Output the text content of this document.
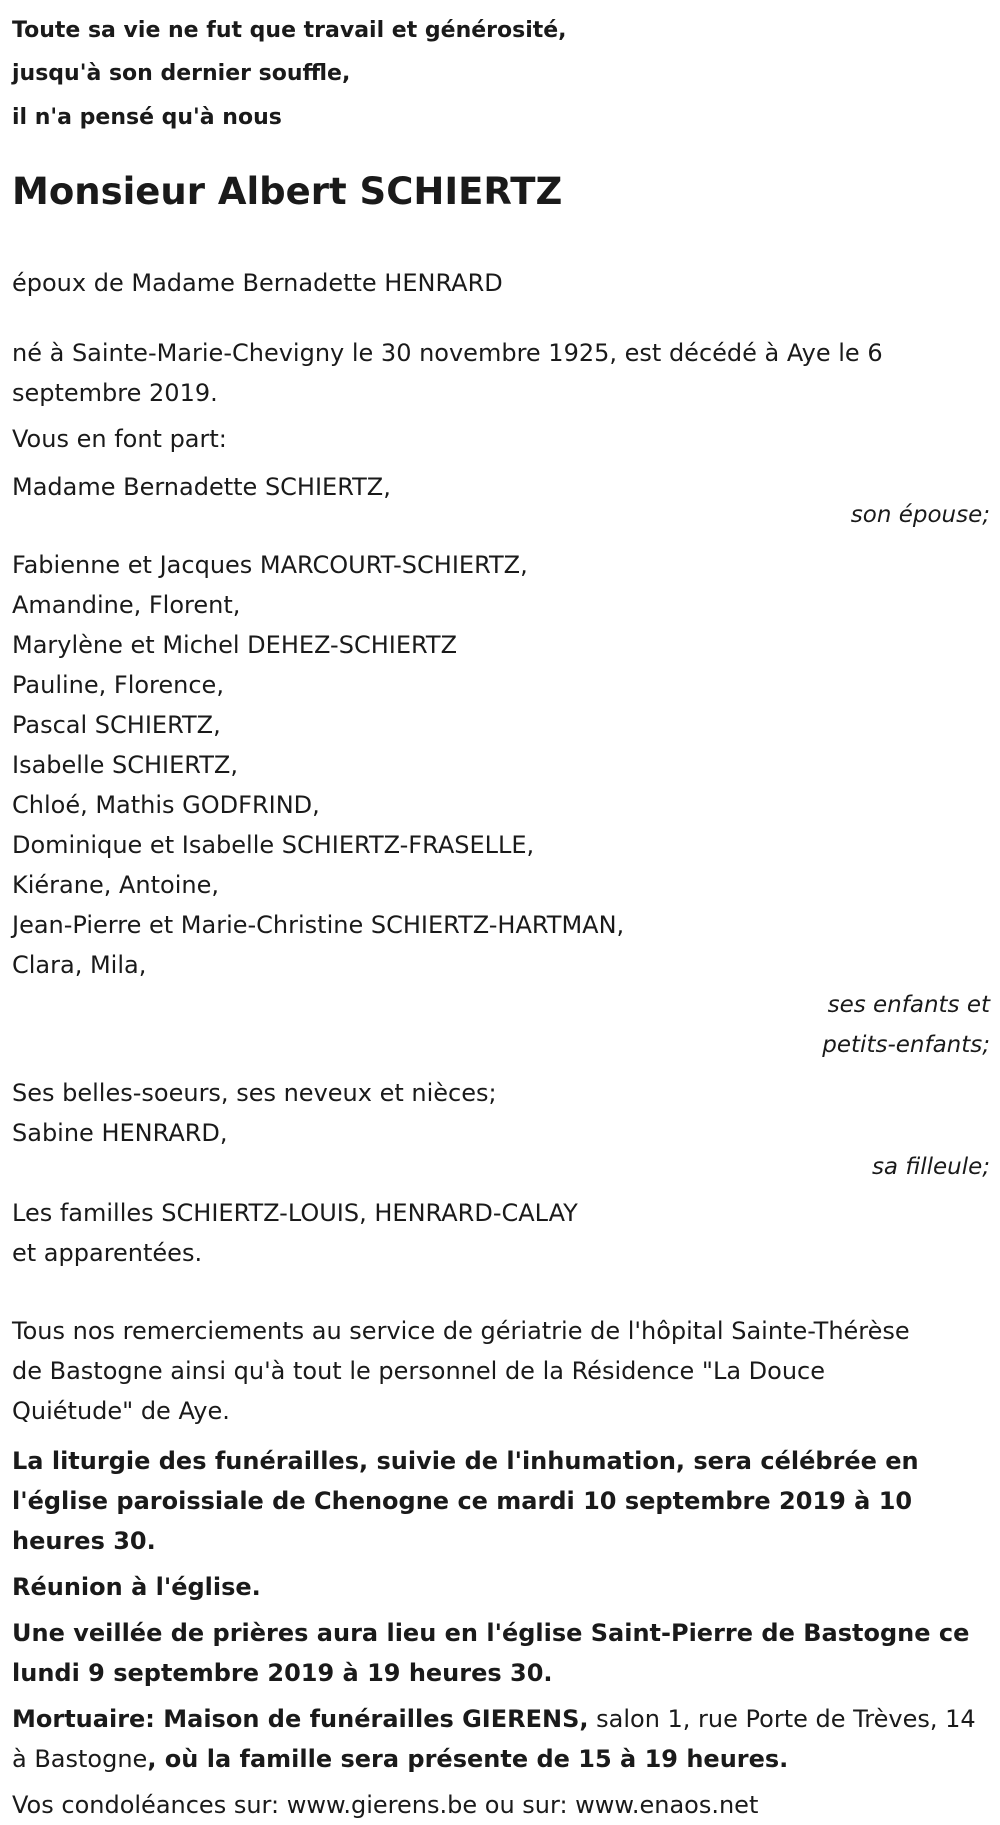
Toute sa vie ne fut que travail et générosité,

jusqu'à son dernier souffle,

il n'a pensé qu'à nous

Monsieur Albert SCHIERTZ

époux de Madame Bernadette HENRARD

né à Sainte-Marie-Chevigny le 30 novembre 1925, est décédé à Aye le 6 septembre 2019.

Vous en font part:

Madame Bernadette SCHIERTZ,

son épouse;

Fabienne et Jacques MARCOURT-SCHIERTZ,

Amandine, Florent,

Marylène et Michel DEHEZ-SCHIERTZ

Pauline, Florence,

Pascal SCHIERTZ,

Isabelle SCHIERTZ,

Chloé, Mathis GODFRIND,

Dominique et Isabelle SCHIERTZ-FRASELLE,

Kiérane, Antoine,

Jean-Pierre et Marie-Christine SCHIERTZ-HARTMAN,

Clara, Mila,

ses enfants et

petits-enfants;

Ses belles-soeurs, ses neveux et nièces;

Sabine HENRARD,

sa filleule;

Les familles SCHIERTZ-LOUIS, HENRARD-CALAY

et apparentées.

Tous nos remerciements au service de gériatrie de l'hôpital Sainte-Thérèse de Bastogne ainsi qu'à tout le personnel de la Résidence "La Douce Quiétude" de Aye.

La liturgie des funérailles, suivie de l'inhumation, sera célébrée en l'église paroissiale de Chenogne ce mardi 10 septembre 2019 à 10 heures 30.

Réunion à l'église.

Une veillée de prières aura lieu en l'église Saint-Pierre de Bastogne ce lundi 9 septembre 2019 à 19 heures 30.

Mortuaire: Maison de funérailles GIERENS, salon 1, rue Porte de Trèves, 14 à Bastogne, où la famille sera présente de 15 à 19 heures.

Vos condoléances sur: www.gierens.be ou sur: www.enaos.net
